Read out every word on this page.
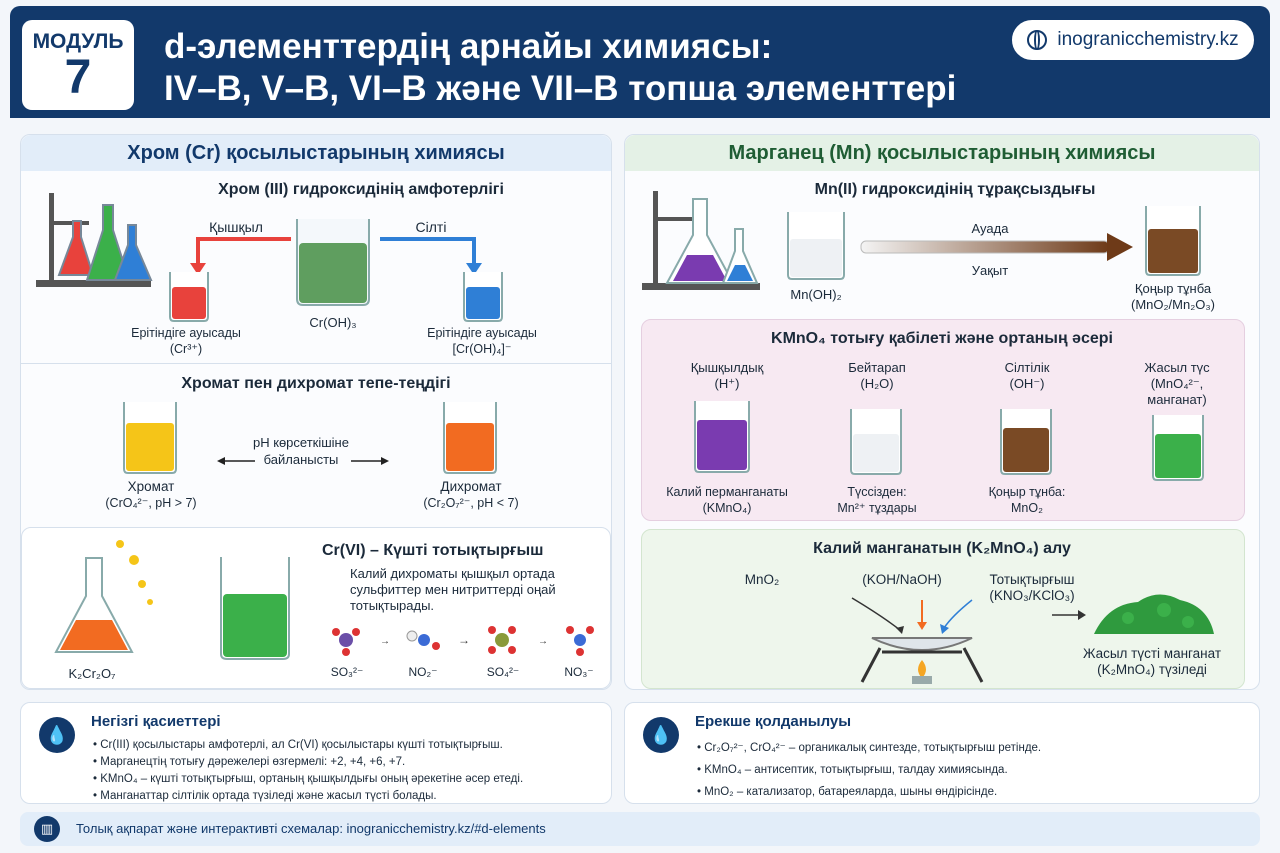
МОДУЛЬ
7
d-элементтердің арнайы химиясы:
IV–B, V–B, VI–B және VII–B топша элементтері
inogranicchemistry.kz
Хром (Cr) қосылыстарының химиясы
Хром (III) гидроксидінің амфотерлігі
Қышқыл	Сілті
Cr(OH)₃
Ерітіндіге ауысады
(Cr³⁺)
Ерітіндіге ауысады
[Cr(OH)₄]⁻
Хромат пен дихромат тепе-теңдігі
Хромат
(CrO₄²⁻, pH > 7)
pH көрсеткішіне
байланысты
Дихромат
(Cr₂O₇²⁻, pH < 7)
K₂Cr₂O₇
Cr(VI) – Күшті тотықтырғыш
Калий дихроматы қышқыл ортада
сульфиттер мен нитриттерді оңай
тотықтырады.
→	→	→
SO₃²⁻	NO₂⁻	SO₄²⁻	NO₃⁻
Марганец (Mn) қосылыстарының химиясы
Mn(II) гидроксидінің тұрақсыздығы
Mn(OH)₂
Ауада
Уақыт
Қоңыр тұнба
(MnO₂/Mn₂O₃)
KMnO₄ тотығу қабілеті және ортаның әсері
Қышқылдық
(H⁺)
Калий перманганаты
(KMnO₄)
Бейтарап
(H₂O)
Түссізден:
Mn²⁺ тұздары
Сілтілік
(OH⁻)
Қоңыр тұнба:
MnO₂
Жасыл түс
(MnO₄²⁻,
манганат)
Калий манганатын (K₂MnO₄) алу
MnO₂	(KOH/NaOH)	Тотықтырғыш
(KNO₃/KClO₃)
Жасыл түсті манганат
(K₂MnO₄) түзіледі
💧
Негізгі қасиеттері
• Cr(III) қосылыстары амфотерлі, ал Cr(VI) қосылыстары күшті тотықтырғыш.
• Марганецтің тотығу дәрежелері өзгермелі: +2, +4, +6, +7.
• KMnO₄ – күшті тотықтырғыш, ортаның қышқылдығы оның әрекетіне әсер етеді.
• Манганаттар сілтілік ортада түзіледі және жасыл түсті болады.
💧
Ерекше қолданылуы
• Cr₂O₇²⁻, CrO₄²⁻ – органикалық синтезде, тотықтырғыш ретінде.
• KMnO₄ – антисептик, тотықтырғыш, талдау химиясында.
• MnO₂ – катализатор, батареяларда, шыны өндірісінде.
▥	Толық ақпарат және интерактивті схемалар: inogranicchemistry.kz/#d-elements
